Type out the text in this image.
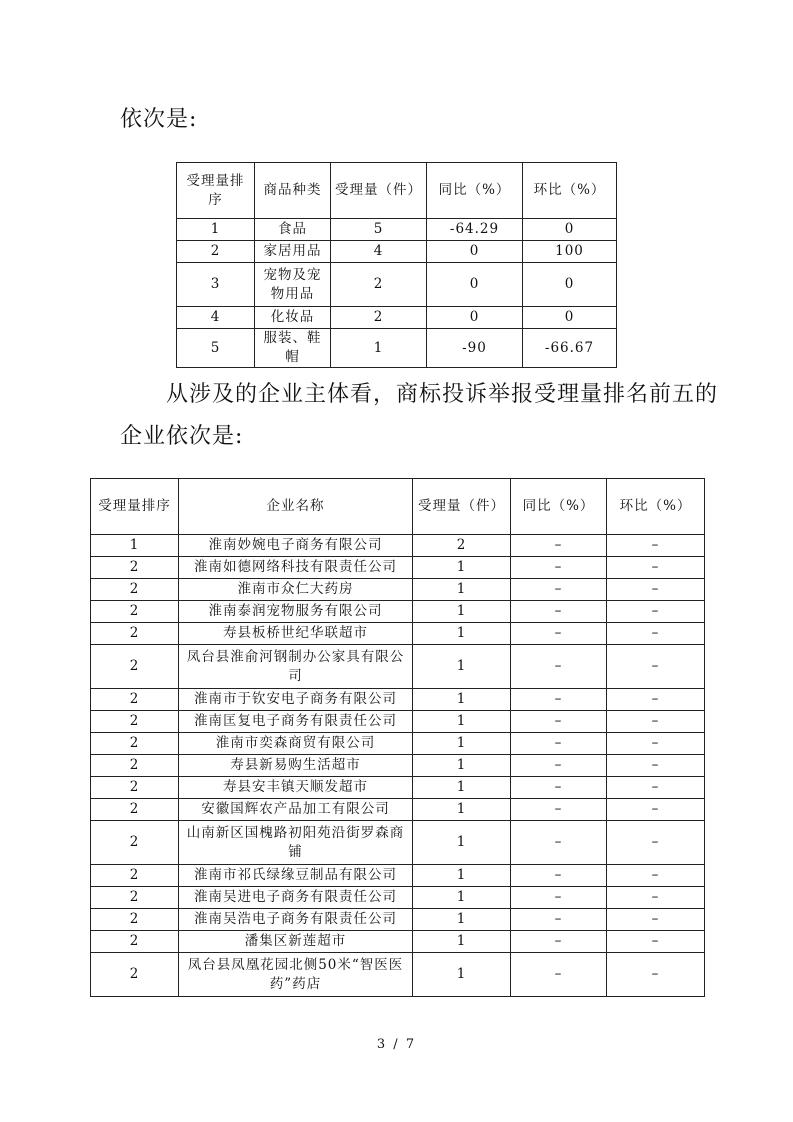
依次是:

受理量排序	商品种类	受理量（件）	同比（%）	环比（%）
1	食品	5	-64.29	0
2	家居用品	4	0	100
3	宠物及宠物用品	2	0	0
4	化妆品	2	0	0
5	服装、鞋帽	1	-90	-66.67

从涉及的企业主体看，商标投诉举报受理量排名前五的

企业依次是:

受理量排序	企业名称	受理量（件）	同比（%）	环比（%）
1	淮南妙婉电子商务有限公司	2	–	–
2	淮南如德网络科技有限责任公司	1	–	–
2	淮南市众仁大药房	1	–	–
2	淮南泰润宠物服务有限公司	1	–	–
2	寿县板桥世纪华联超市	1	–	–
2	凤台县淮俞河钢制办公家具有限公司	1	–	–
2	淮南市于钦安电子商务有限公司	1	–	–
2	淮南匡复电子商务有限责任公司	1	–	–
2	淮南市奕森商贸有限公司	1	–	–
2	寿县新易购生活超市	1	–	–
2	寿县安丰镇天顺发超市	1	–	–
2	安徽国辉农产品加工有限公司	1	–	–
2	山南新区国槐路初阳苑沿街罗森商铺	1	–	–
2	淮南市祁氏绿缘豆制品有限公司	1	–	–
2	淮南吴进电子商务有限责任公司	1	–	–
2	淮南吴浩电子商务有限责任公司	1	–	–
2	潘集区新莲超市	1	–	–
2	凤台县凤凰花园北侧50米“智医医药”药店	1	–	–
3 / 7
